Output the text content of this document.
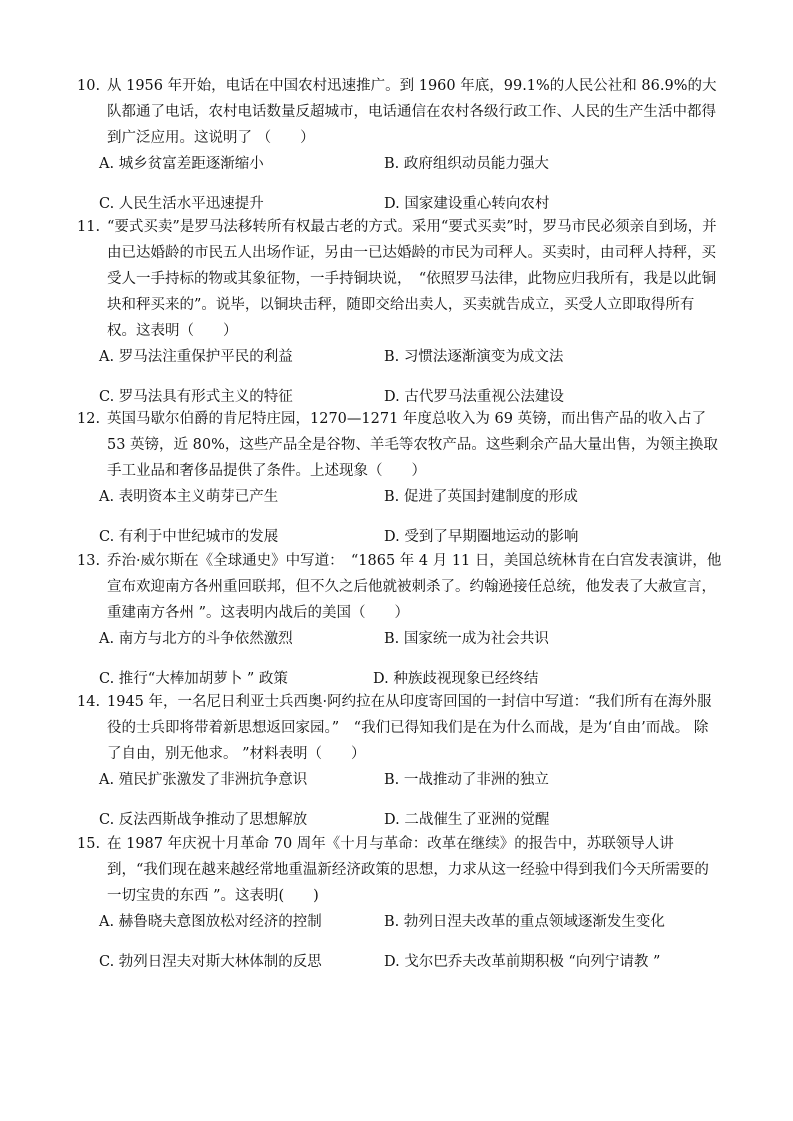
10. 从 1956 年开始，电话在中国农村迅速推广。到 1960 年底，99.1%的人民公社和 86.9%的大队都通了电话，农村电话数量反超城市，电话通信在农村各级行政工作、人民的生产生活中都得到广泛应用。这说明了 （　　）
A. 城乡贫富差距逐渐缩小	B. 政府组织动员能力强大
C. 人民生活水平迅速提升	D. 国家建设重心转向农村
11. “要式买卖”是罗马法移转所有权最古老的方式。采用“要式买卖”时，罗马市民必须亲自到场，并由已达婚龄的市民五人出场作证，另由一已达婚龄的市民为司秤人。买卖时，由司秤人持秤，买受人一手持标的物或其象征物，一手持铜块说，　“依照罗马法律，此物应归我所有，我是以此铜块和秤买来的”。说毕，以铜块击秤，随即交给出卖人，买卖就告成立，买受人立即取得所有权。这表明（　　）
A. 罗马法注重保护平民的利益	B. 习惯法逐渐演变为成文法
C. 罗马法具有形式主义的特征	D. 古代罗马法重视公法建设
12. 英国马歇尔伯爵的肯尼特庄园，1270—1271 年度总收入为 69 英镑，而出售产品的收入占了 53 英镑，近 80%，这些产品全是谷物、羊毛等农牧产品。这些剩余产品大量出售，为领主换取手工业品和奢侈品提供了条件。上述现象（　　）
A. 表明资本主义萌芽已产生	B. 促进了英国封建制度的形成
C. 有利于中世纪城市的发展	D. 受到了早期圈地运动的影响
13. 乔治·威尔斯在《全球通史》中写道：　“1865 年 4 月 11 日，美国总统林肯在白宫发表演讲，他宣布欢迎南方各州重回联邦，但不久之后他就被刺杀了。约翰逊接任总统，他发表了大赦宣言，重建南方各州 ”。这表明内战后的美国（　　）
A. 南方与北方的斗争依然激烈	B. 国家统一成为社会共识
C. 推行“大棒加胡萝卜 ” 政策	D. 种族歧视现象已经终结
14. 1945 年，一名尼日利亚士兵西奥·阿约拉在从印度寄回国的一封信中写道：“我们所有在海外服役的士兵即将带着新思想返回家园。”　“我们已得知我们是在为什么而战，是为‘自由’而战。 除了自由，别无他求。 ”材料表明（　　）
A. 殖民扩张激发了非洲抗争意识	B. 一战推动了非洲的独立
C. 反法西斯战争推动了思想解放	D. 二战催生了亚洲的觉醒
15. 在 1987 年庆祝十月革命 70 周年《十月与革命：改革在继续》的报告中，苏联领导人讲到，“我们现在越来越经常地重温新经济政策的思想，力求从这一经验中得到我们今天所需要的一切宝贵的东西 ”。这表明(　　)
A. 赫鲁晓夫意图放松对经济的控制	B. 勃列日涅夫改革的重点领域逐渐发生变化
C. 勃列日涅夫对斯大林体制的反思	D. 戈尔巴乔夫改革前期积极 “向列宁请教 ”
